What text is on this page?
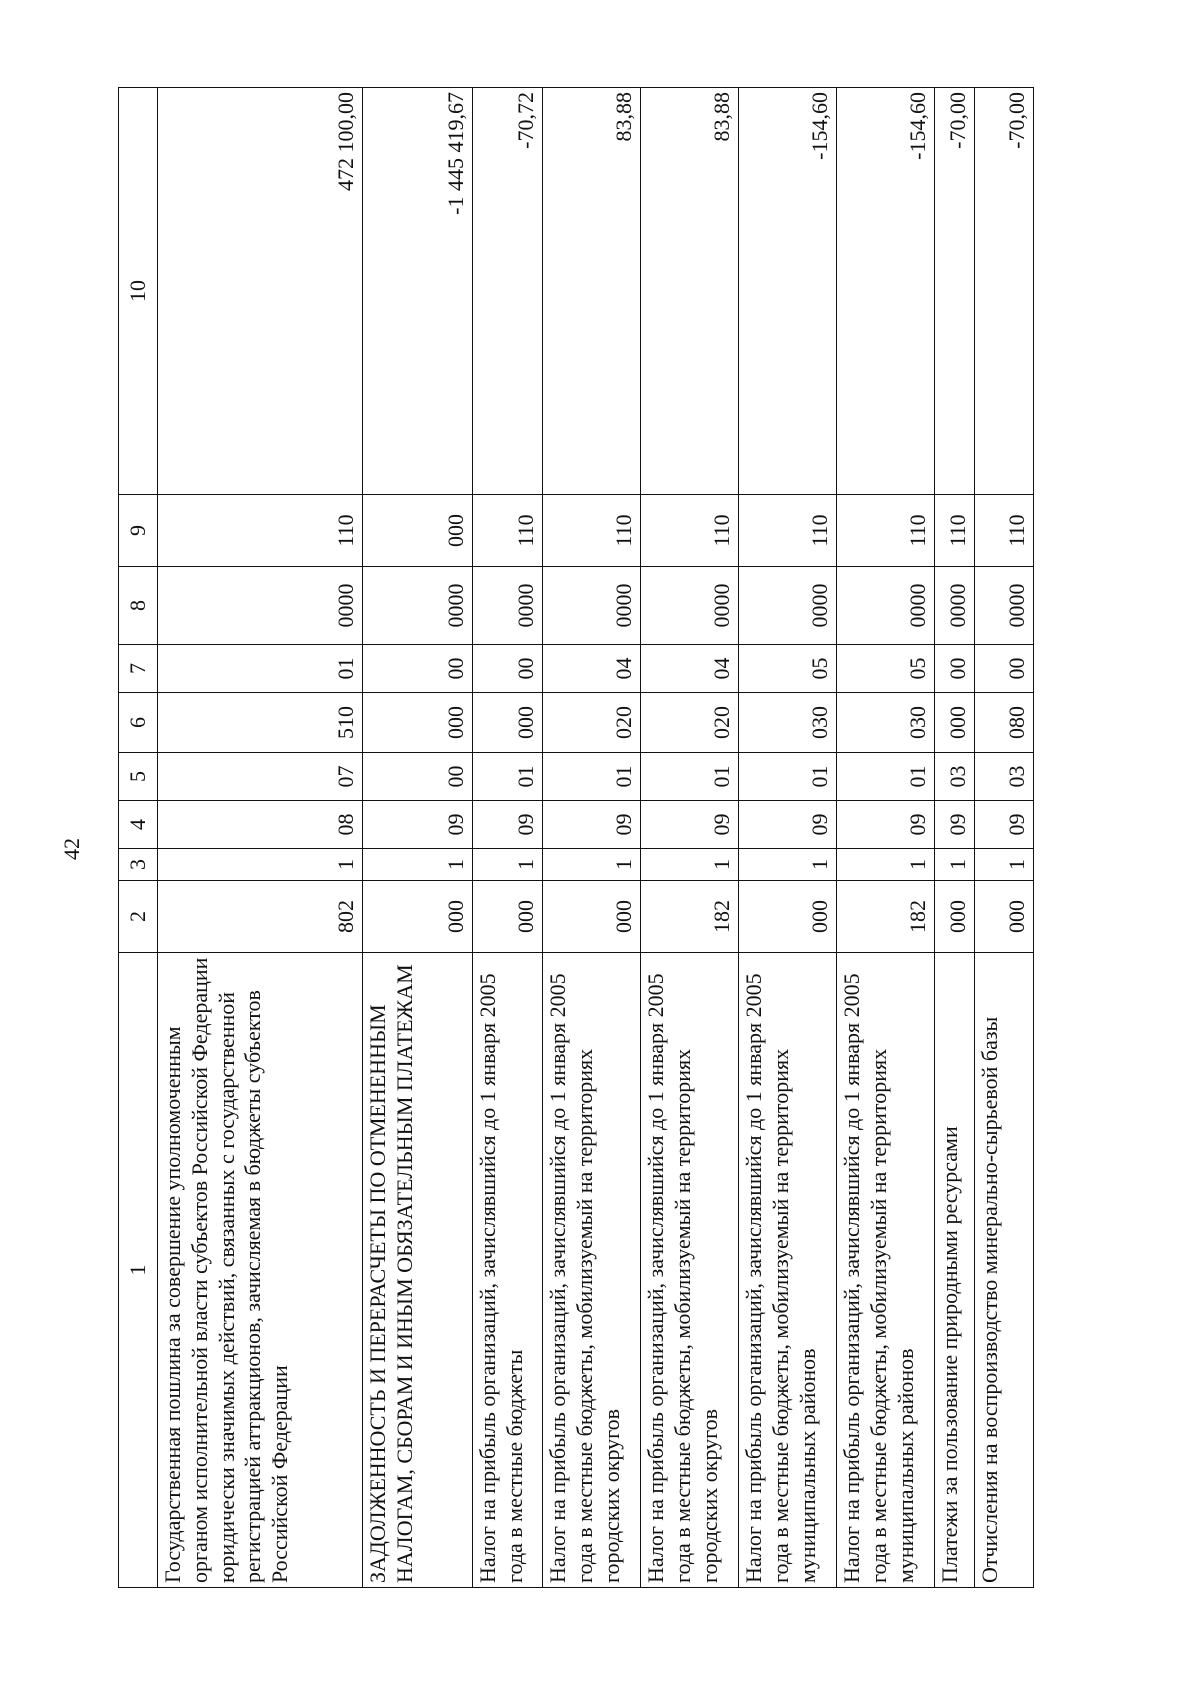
42
1	2	3	4	5	6	7	8	9	10
Государственная пошлина за совершение уполномоченным органом исполнительной власти субъектов Российской Федерации юридически значимых действий, связанных с государственной регистрацией аттракционов, зачисляемая в бюджеты субъектов Российской Федерации	802	1	08	07	510	01	0000	110	472 100,00
ЗАДОЛЖЕННОСТЬ И ПЕРЕРАСЧЕТЫ ПО ОТМЕНЕННЫМ НАЛОГАМ, СБОРАМ И ИНЫМ ОБЯЗАТЕЛЬНЫМ ПЛАТЕЖАМ	000	1	09	00	000	00	0000	000	-1 445 419,67
Налог на прибыль организаций, зачислявшийся до 1 января 2005 года в местные бюджеты	000	1	09	01	000	00	0000	110	-70,72
Налог на прибыль организаций, зачислявшийся до 1 января 2005 года в местные бюджеты, мобилизуемый на территориях городских округов	000	1	09	01	020	04	0000	110	83,88
Налог на прибыль организаций, зачислявшийся до 1 января 2005 года в местные бюджеты, мобилизуемый на территориях городских округов	182	1	09	01	020	04	0000	110	83,88
Налог на прибыль организаций, зачислявшийся до 1 января 2005 года в местные бюджеты, мобилизуемый на территориях муниципальных районов	000	1	09	01	030	05	0000	110	-154,60
Налог на прибыль организаций, зачислявшийся до 1 января 2005 года в местные бюджеты, мобилизуемый на территориях муниципальных районов	182	1	09	01	030	05	0000	110	-154,60
Платежи за пользование природными ресурсами	000	1	09	03	000	00	0000	110	-70,00
Отчисления на воспроизводство минерально-сырьевой базы	000	1	09	03	080	00	0000	110	-70,00
